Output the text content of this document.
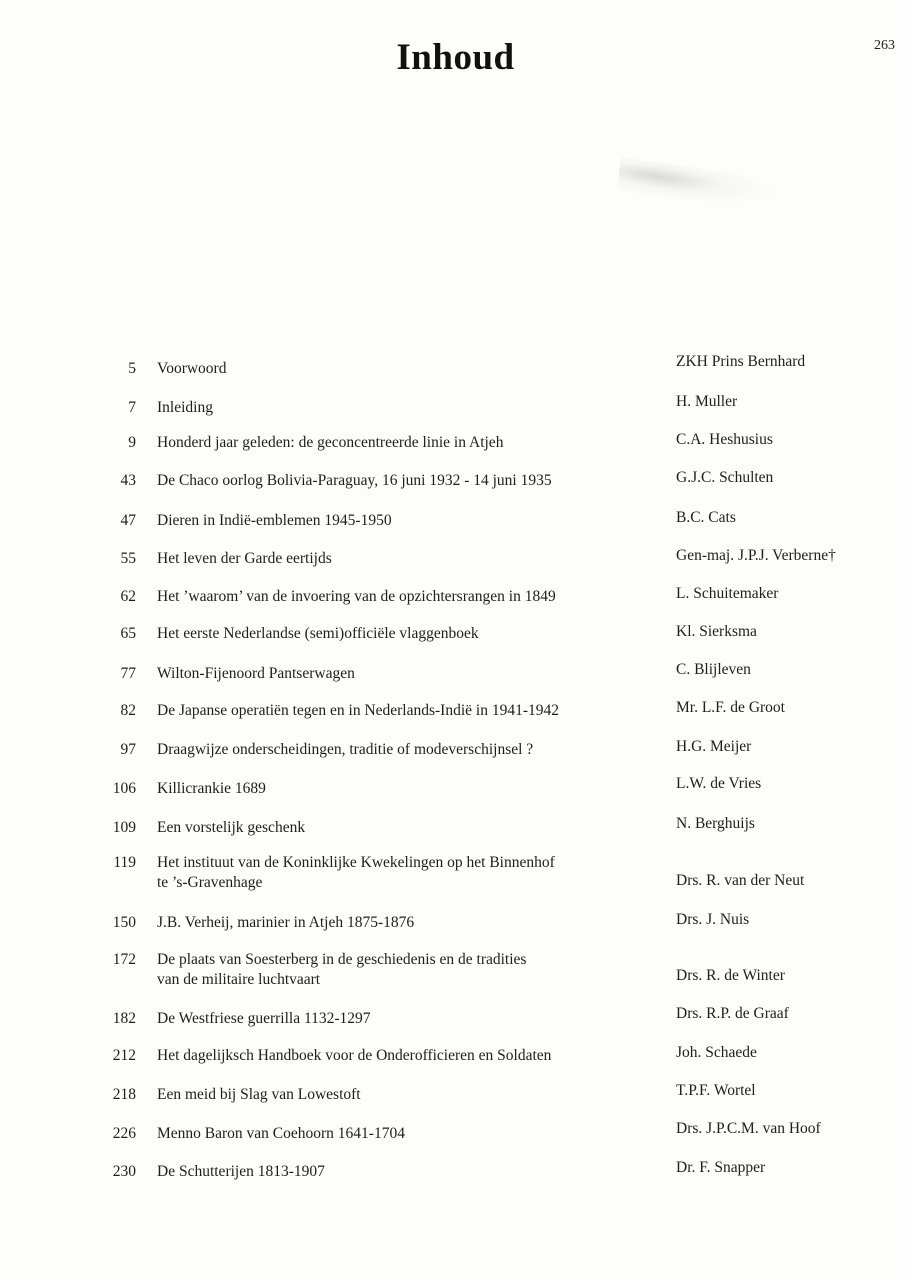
Inhoud	263
5 Voorwoord	ZKH Prins Bernhard
7 Inleiding	H. Muller
9 Honderd jaar geleden: de geconcentreerde linie in Atjeh	C.A. Heshusius
43 De Chaco oorlog Bolivia-Paraguay, 16 juni 1932 - 14 juni 1935	G.J.C. Schulten
47 Dieren in Indië-emblemen 1945-1950	B.C. Cats
55 Het leven der Garde eertijds	Gen-maj. J.P.J. Verberne†
62 Het ’waarom’ van de invoering van de opzichtersrangen in 1849	L. Schuitemaker
65 Het eerste Nederlandse (semi)officiële vlaggenboek	Kl. Sierksma
77 Wilton-Fijenoord Pantserwagen	C. Blijleven
82 De Japanse operatiën tegen en in Nederlands-Indië in 1941-1942	Mr. L.F. de Groot
97 Draagwijze onderscheidingen, traditie of modeverschijnsel ?	H.G. Meijer
106 Killicrankie 1689	L.W. de Vries
109 Een vorstelijk geschenk	N. Berghuijs
119 Het instituut van de Koninklijke Kwekelingen op het Binnenhof
te ’s-Gravenhage	Drs. R. van der Neut
150 J.B. Verheij, marinier in Atjeh 1875-1876	Drs. J. Nuis
172 De plaats van Soesterberg in de geschiedenis en de tradities
van de militaire luchtvaart	Drs. R. de Winter
182 De Westfriese guerrilla 1132-1297	Drs. R.P. de Graaf
212 Het dagelijksch Handboek voor de Onderofficieren en Soldaten	Joh. Schaede
218 Een meid bij Slag van Lowestoft	T.P.F. Wortel
226 Menno Baron van Coehoorn 1641-1704	Drs. J.P.C.M. van Hoof
230 De Schutterijen 1813-1907	Dr. F. Snapper
